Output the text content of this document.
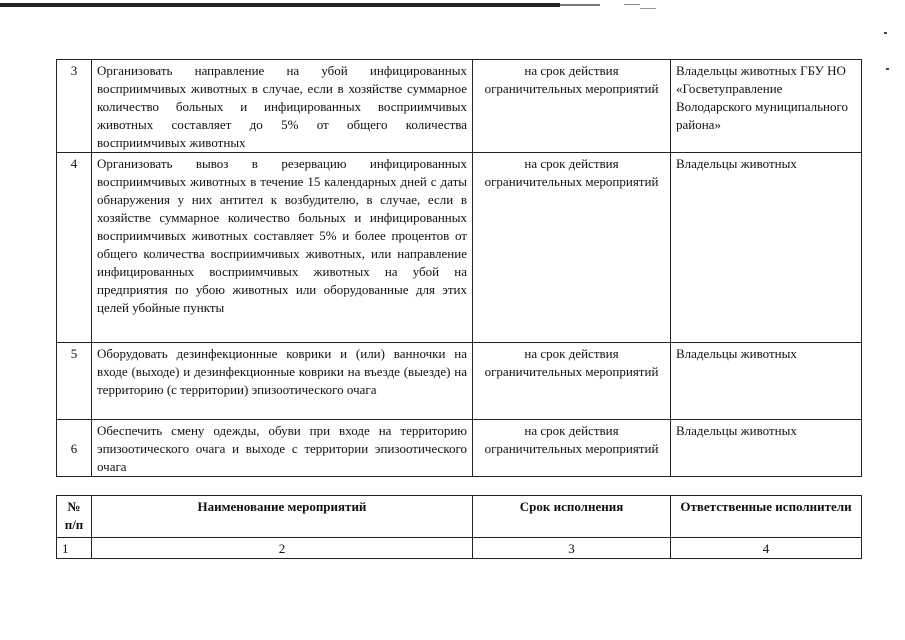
3	Организовать направление на убой инфицированных восприимчивых животных в случае, если в хозяйстве суммарное количество больных и инфицированных восприимчивых животных составляет до 5% от общего количества восприимчивых животных	на срок действия ограничительных мероприятий	Владельцы животных ГБУ НО «Госветуправление Володарского муниципального района»
4	Организовать вывоз в резервацию инфицированных восприимчивых животных в течение 15 календарных дней с даты обнаружения у них антител к возбудителю, в случае, если в хозяйстве суммарное количество больных и инфицированных восприимчивых животных составляет 5% и более процентов от общего количества восприимчивых животных, или направление инфицированных восприимчивых животных на убой на предприятия по убою животных или оборудованные для этих целей убойные пункты	на срок действия ограничительных мероприятий	Владельцы животных
5	Оборудовать дезинфекционные коврики и (или) ванночки на входе (выходе) и дезинфекционные коврики на въезде (выезде) на территорию (с территории) эпизоотического очага	на срок действия ограничительных мероприятий	Владельцы животных
6	Обеспечить смену одежды, обуви при входе на территорию эпизоотического очага и выходе с территории эпизоотического очага	на срок действия ограничительных мероприятий	Владельцы животных
№ п/п	Наименование мероприятий	Срок исполнения	Ответственные исполнители
1	2	3	4
